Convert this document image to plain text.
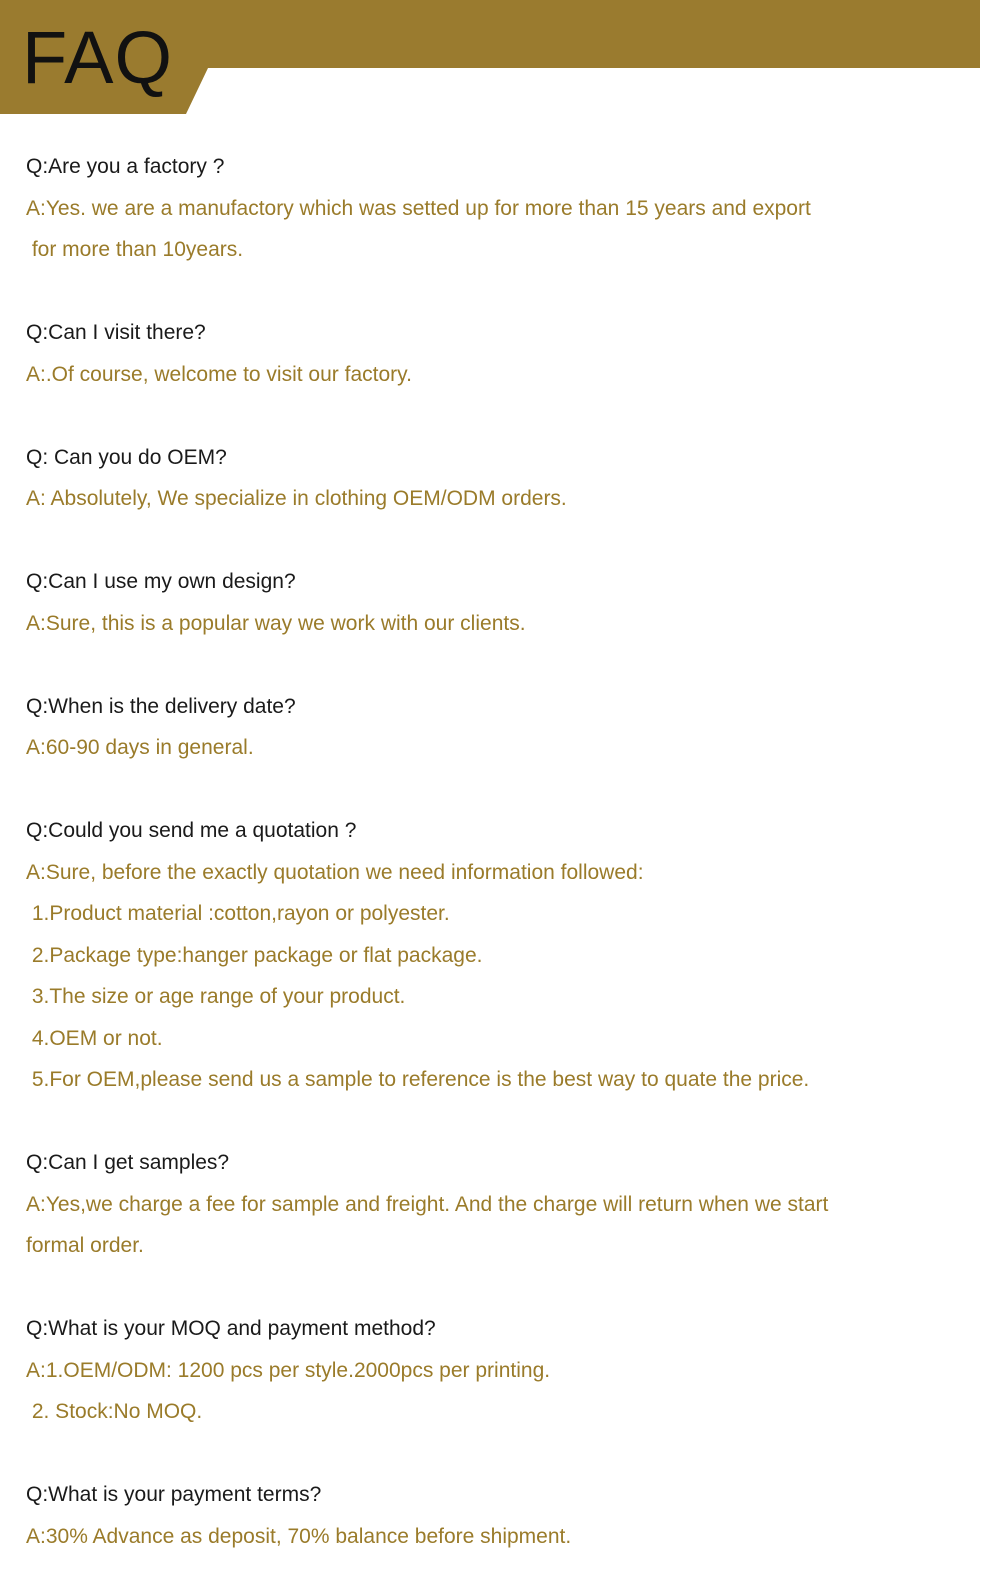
FAQ
Q:Are you a factory ?
A:Yes. we are a manufactory which was setted up for more than 15 years and export
for more than 10years.
Q:Can I visit there?
A:.Of course, welcome to visit our factory.
Q: Can you do OEM?
A: Absolutely, We specialize in clothing OEM/ODM orders.
Q:Can I use my own design?
A:Sure, this is a popular way we work with our clients.
Q:When is the delivery date?
A:60-90 days in general.
Q:Could you send me a quotation ?
A:Sure, before the exactly quotation we need information followed:
1.Product material :cotton,rayon or polyester.
2.Package type:hanger package or flat package.
3.The size or age range of your product.
4.OEM or not.
5.For OEM,please send us a sample to reference is the best way to quate the price.
Q:Can I get samples?
A:Yes,we charge a fee for sample and freight. And the charge will return when we start
formal order.
Q:What is your MOQ and payment method?
A:1.OEM/ODM: 1200 pcs per style.2000pcs per printing.
2. Stock:No MOQ.
Q:What is your payment terms?
A:30% Advance as deposit, 70% balance before shipment.
